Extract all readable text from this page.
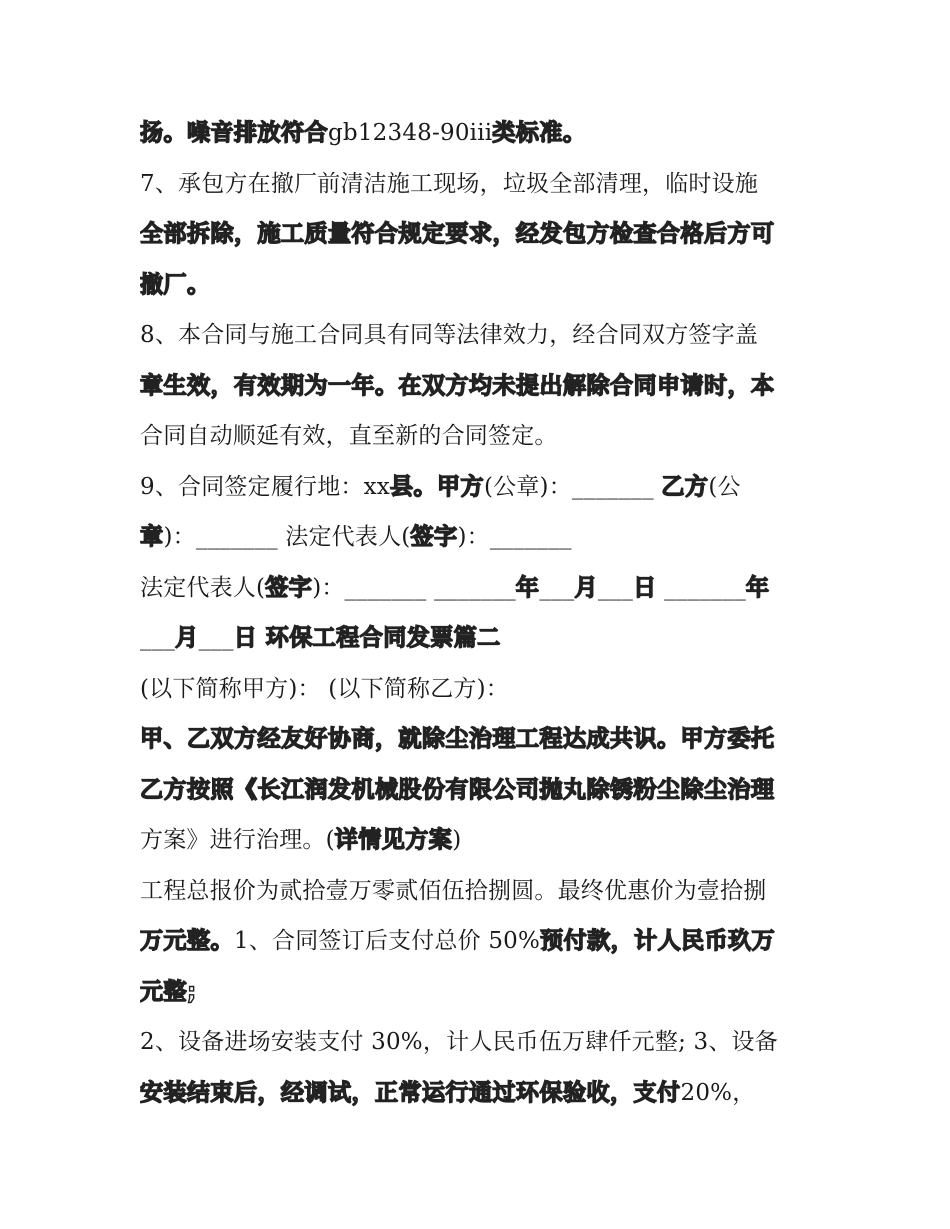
扬。噪音排放符合gb12348-90iii类标准。
7、承包方在撤厂前清洁施工现场，垃圾全部清理，临时设施
全部拆除，施工质量符合规定要求，经发包方检查合格后方可
撤厂。
8、本合同与施工合同具有同等法律效力，经合同双方签字盖
章生效，有效期为一年。在双方均未提出解除合同申请时，本
合同自动顺延有效，直至新的合同签定。
9、合同签定履行地：xx县。甲方(公章)：_______ 乙方(公
章)：_______ 法定代表人(签字)：_______
法定代表人(签字)：_______ _______年___月___日 _______年
___月___日 环保工程合同发票篇二
(以下简称甲方)： (以下简称乙方)：
甲、乙双方经友好协商，就除尘治理工程达成共识。甲方委托
乙方按照《长江润发机械股份有限公司抛丸除锈粉尘除尘治理
方案》进行治理。(详情见方案)
工程总报价为贰拾壹万零贰佰伍拾捌圆。最终优惠价为壹拾捌
万元整。1、合同签订后支付总价 50%预付款，计人民币玖万
元整;
2、设备进场安装支付 30%，计人民币伍万肆仟元整; 3、设备
安装结束后，经调试，正常运行通过环保验收，支付20%，
